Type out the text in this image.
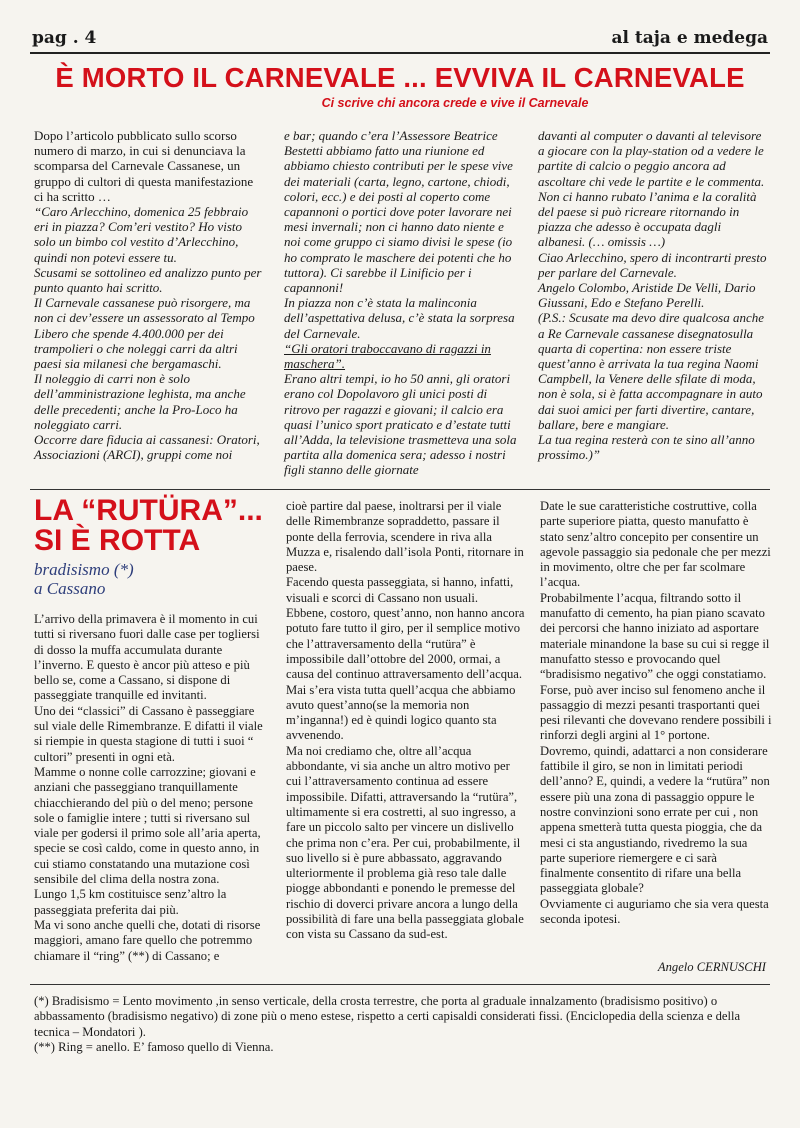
pag . 4	al taja e medega
È MORTO IL CARNEVALE ... EVVIVA IL CARNEVALE
Ci scrive chi ancora crede e vive il Carnevale

Dopo l’articolo pubblicato sullo scorso numero di marzo, in cui si denunciava la scomparsa del Carnevale Cassanese, un gruppo di cultori di questa manifestazione ci ha scritto …

“Caro Arlecchino, domenica 25 febbraio eri in piazza? Com’eri vestito? Ho visto solo un bimbo col vestito d’Arlecchino, quindi non potevi essere tu.

Scusami se sottolineo ed analizzo punto per punto quanto hai scritto.

Il Carnevale cassanese può risorgere, ma non ci dev’essere un assessorato al Tempo Libero che spende 4.400.000 per dei trampolieri o che noleggi carri da altri paesi sia milanesi che bergamaschi.

Il noleggio di carri non è solo dell’amministrazione leghista, ma anche delle precedenti; anche la Pro-Loco ha noleggiato carri.

Occorre dare fiducia ai cassanesi: Oratori, Associazioni (ARCI), gruppi come noi

e bar; quando c’era l’Assessore Beatrice Bestetti abbiamo fatto una riunione ed abbiamo chiesto contributi per le spese vive dei materiali (carta, legno, cartone, chiodi, colori, ecc.) e dei posti al coperto come capannoni o portici dove poter lavorare nei mesi invernali; non ci hanno dato niente e noi come gruppo ci siamo divisi le spese (io ho comprato le maschere dei potenti che ho tuttora). Ci sarebbe il Linificio per i capannoni!

In piazza non c’è stata la malinconia dell’aspettativa delusa, c’è stata la sorpresa del Carnevale.

“Gli oratori traboccavano di ragazzi in maschera”.

Erano altri tempi, io ho 50 anni, gli oratori erano col Dopolavoro gli unici posti di ritrovo per ragazzi e giovani; il calcio era quasi l’unico sport praticato e d’estate tutti all’Adda, la televisione trasmetteva una sola partita alla domenica sera; adesso i nostri figli stanno delle giornate

davanti al computer o davanti al televisore a giocare con la play-station od a vedere le partite di calcio o peggio ancora ad ascoltare chi vede le partite e le commenta.

Non ci hanno rubato l’anima e la coralità del paese si può ricreare ritornando in piazza che adesso è occupata dagli albanesi. (… omissis …)

Ciao Arlecchino, spero di incontrarti presto per parlare del Carnevale.

Angelo Colombo, Aristide De Velli, Dario Giussani, Edo e Stefano Perelli.

(P.S.: Scusate ma devo dire qualcosa anche a Re Carnevale cassanese disegnatosulla quarta di copertina: non essere triste quest’anno è arrivata la tua regina Naomi Campbell, la Venere delle sfilate di moda, non è sola, si è fatta accompagnare in auto dai suoi amici per farti divertire, cantare, ballare, bere e mangiare.

La tua regina resterà con te sino all’anno prossimo.)”

LA “RUTÜRA”...
SI È ROTTA
bradisismo (*)
a Cassano

L’arrivo della primavera è il momento in cui tutti si riversano fuori dalle case per togliersi di dosso la muffa accumulata durante l’inverno. E questo è ancor più atteso e più bello se, come a Cassano, si dispone di passeggiate tranquille ed invitanti.

Uno dei “classici” di Cassano è passeggiare sul viale delle Rimembranze. E difatti il viale si riempie in questa stagione di tutti i suoi “ cultori” presenti in ogni età.

Mamme o nonne colle carrozzine; giovani e anziani che passeggiano tranquillamente chiacchierando del più o del meno; persone sole o famiglie intere ; tutti si riversano sul viale per godersi il primo sole all’aria aperta, specie se così caldo, come in questo anno, in cui stiamo constatando una mutazione così sensibile del clima della nostra zona.

Lungo 1,5 km costituisce senz’altro la passeggiata preferita dai più.

Ma vi sono anche quelli che, dotati di risorse maggiori, amano fare quello che potremmo chiamare il “ring” (**) di Cassano; e

cioè partire dal paese, inoltrarsi per il viale delle Rimembranze sopraddetto, passare il ponte della ferrovia, scendere in riva alla Muzza e, risalendo dall’isola Ponti, ritornare in paese.

Facendo questa passeggiata, si hanno, infatti, visuali e scorci di Cassano non usuali.

Ebbene, costoro, quest’anno, non hanno ancora potuto fare tutto il giro, per il semplice motivo che l’attraversamento della “rutüra” è impossibile dall’ottobre del 2000, ormai, a causa del continuo attraversamento dell’acqua.

Mai s’era vista tutta quell’acqua che abbiamo avuto quest’anno(se la memoria non m’inganna!) ed è quindi logico quanto sta avvenendo.

Ma noi crediamo che, oltre all’acqua abbondante, vi sia anche un altro motivo per cui l’attraversamento continua ad essere impossibile. Difatti, attraversando la “rutüra”, ultimamente si era costretti, al suo ingresso, a fare un piccolo salto per vincere un dislivello che prima non c’era. Per cui, probabilmente, il suo livello si è pure abbassato, aggravando ulteriormente il problema già reso tale dalle piogge abbondanti e ponendo le premesse del rischio di doverci privare ancora a lungo della possibilità di fare una bella passeggiata globale con vista su Cassano da sud-est.

Date le sue caratteristiche costruttive, colla parte superiore piatta, questo manufatto è stato senz’altro concepito per consentire un agevole passaggio sia pedonale che per mezzi in movimento, oltre che per far scolmare l’acqua.

Probabilmente l’acqua, filtrando sotto il manufatto di cemento, ha pian piano scavato dei percorsi che hanno iniziato ad asportare materiale minandone la base su cui si regge il manufatto stesso e provocando quel “bradisismo negativo” che oggi constatiamo.

Forse, può aver inciso sul fenomeno anche il passaggio di mezzi pesanti trasportanti quei pesi rilevanti che dovevano rendere possibili i rinforzi degli argini al 1° portone.

Dovremo, quindi, adattarci a non considerare fattibile il giro, se non in limitati periodi dell’anno? E, quindi, a vedere la “rutüra” non essere più una zona di passaggio oppure le nostre convinzioni sono errate per cui , non appena smetterà tutta questa pioggia, che da mesi ci sta angustiando, rivedremo la sua parte superiore riemergere e ci sarà finalmente consentito di rifare una bella passeggiata globale?

Ovviamente ci auguriamo che sia vera questa seconda ipotesi.

Angelo CERNUSCHI

(*) Bradisismo = Lento movimento ,in senso verticale, della crosta terrestre, che porta al graduale innalzamento (bradisismo positivo) o abbassamento (bradisismo negativo) di zone più o meno estese, rispetto a certi capisaldi considerati fissi. (Enciclopedia della scienza e della tecnica – Mondatori ).

(**) Ring = anello. E’ famoso quello di Vienna.
